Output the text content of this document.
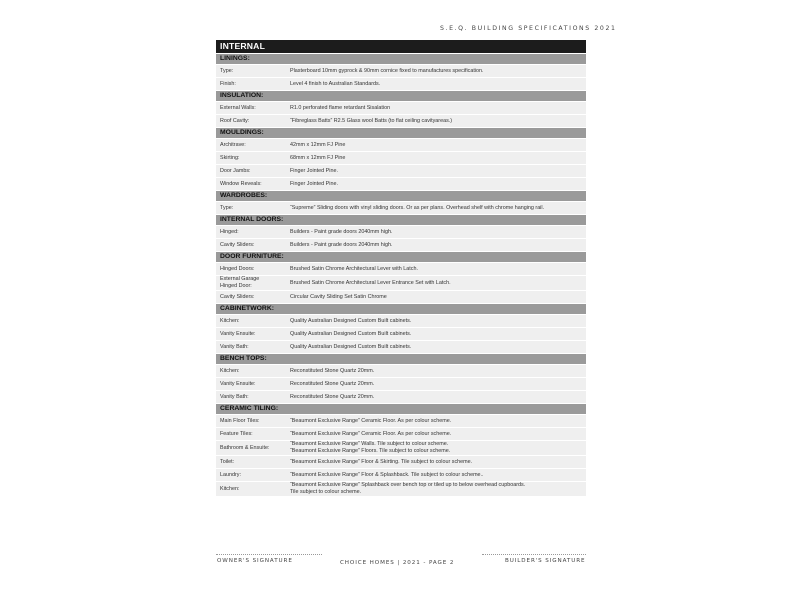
S.E.Q. BUILDING SPECIFICATIONS 2021
INTERNAL
LININGS:
Type:	Plasterboard 10mm gyprock & 90mm cornice fixed to manufactures specification.
Finish:	Level 4 finish to Australian Standards.
INSULATION:
External Walls:	R1.0 perforated flame retardant Sisalation
Roof Cavity:	“Fibreglass Batts” R2.5 Glass wool Batts (to flat ceiling cavityareas.)
MOULDINGS:
Architrave:	42mm x 12mm FJ Pine
Skirting:	68mm x 12mm FJ Pine
Door Jambs:	Finger Jointed Pine.
Window Reveals:	Finger Jointed Pine.
WARDROBES:
Type:	“Supreme” Sliding doors with vinyl sliding doors. Or as per plans. Overhead shelf with chrome hanging rail.
INTERNAL DOORS:
Hinged:	Builders - Paint grade doors 2040mm high.
Cavity Sliders:	Builders - Paint grade doors 2040mm high.
DOOR FURNITURE:
Hinged Doors:	Brushed Satin Chrome Architectural Lever with Latch.
External Garage
Hinged Door:
Brushed Satin Chrome Architectural Lever Entrance Set with Latch.
Cavity Sliders:	Circular Cavity Sliding Set Satin Chrome
CABINETWORK:
Kitchen:	Quality Australian Designed Custom Built cabinets.
Vanity Ensuite:	Quality Australian Designed Custom Built cabinets.
Vanity Bath:	Quality Australian Designed Custom Built cabinets.
BENCH TOPS:
Kitchen:	Reconstituted Stone Quartz 20mm.
Vanity Ensuite:	Reconstituted Stone Quartz 20mm.
Vanity Bath:	Reconstituted Stone Quartz 20mm.
CERAMIC TILING:
Main Floor Tiles:	“Beaumont Exclusive Range” Ceramic Floor. As per colour scheme.
Feature Tiles:	“Beaumont Exclusive Range” Ceramic Floor. As per colour scheme.
Bathroom & Ensuite:
“Beaumont Exclusive Range” Walls. Tile subject to colour scheme.
“Beaumont Exclusive Range” Floors. Tile subject to colour scheme.
Toilet:	“Beaumont Exclusive Range” Floor & Skirting. Tile subject to colour scheme.
Laundry:	“Beaumont Exclusive Range” Floor & Splashback. Tile subject to colour scheme..
Kitchen:
“Beaumont Exclusive Range” Splashback over bench top or tiled up to below overhead cupboards.
Tile subject to colour scheme.
OWNER'S SIGNATURE	CHOICE HOMES | 2021 - PAGE 2	BUILDER'S SIGNATURE
